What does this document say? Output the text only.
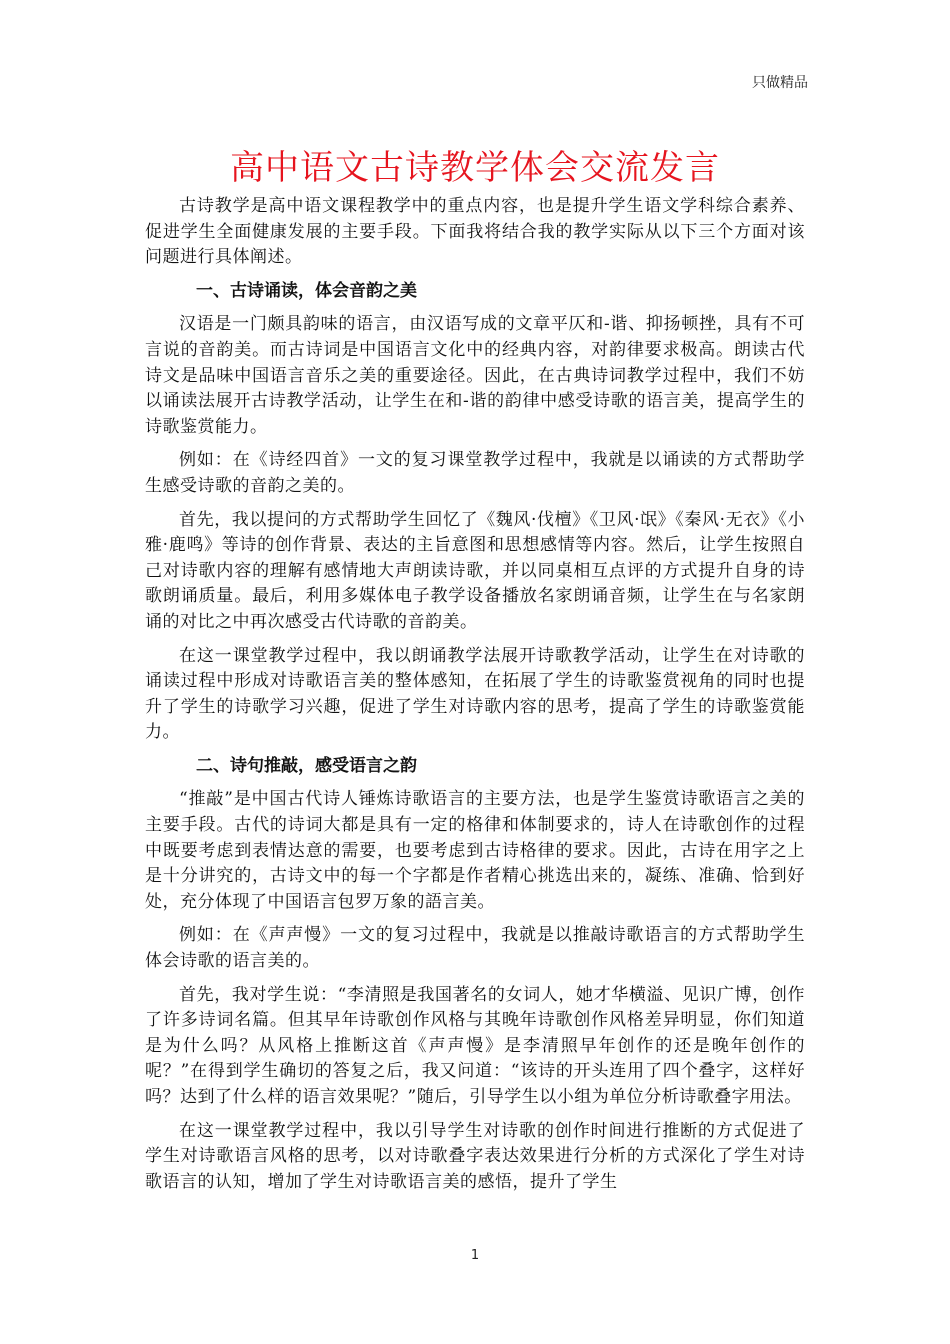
只做精品
高中语文古诗教学体会交流发言

古诗教学是高中语文课程教学中的重点内容，也是提升学生语文学科综合素养、促进学生全面健康发展的主要手段。下面我将结合我的教学实际从以下三个方面对该问题进行具体阐述。

一、古诗诵读，体会音韵之美

汉语是一门颇具韵味的语言，由汉语写成的文章平仄和-谐、抑扬顿挫，具有不可言说的音韵美。而古诗词是中国语言文化中的经典内容，对韵律要求极高。朗读古代诗文是品味中国语言音乐之美的重要途径。因此，在古典诗词教学过程中，我们不妨以诵读法展开古诗教学活动，让学生在和-谐的韵律中感受诗歌的语言美，提高学生的诗歌鉴赏能力。

例如：在《诗经四首》一文的复习课堂教学过程中，我就是以诵读的方式帮助学生感受诗歌的音韵之美的。

首先，我以提问的方式帮助学生回忆了《魏风·伐檀》《卫风·氓》《秦风·无衣》《小雅·鹿鸣》等诗的创作背景、表达的主旨意图和思想感情等内容。然后，让学生按照自己对诗歌内容的理解有感情地大声朗读诗歌，并以同桌相互点评的方式提升自身的诗歌朗诵质量。最后，利用多媒体电子教学设备播放名家朗诵音频，让学生在与名家朗诵的对比之中再次感受古代诗歌的音韵美。

在这一课堂教学过程中，我以朗诵教学法展开诗歌教学活动，让学生在对诗歌的诵读过程中形成对诗歌语言美的整体感知，在拓展了学生的诗歌鉴赏视角的同时也提升了学生的诗歌学习兴趣，促进了学生对诗歌内容的思考，提高了学生的诗歌鉴赏能力。

二、诗句推敲，感受语言之韵

“推敲”是中国古代诗人锤炼诗歌语言的主要方法，也是学生鉴赏诗歌语言之美的主要手段。古代的诗词大都是具有一定的格律和体制要求的，诗人在诗歌创作的过程中既要考虑到表情达意的需要，也要考虑到古诗格律的要求。因此，古诗在用字之上是十分讲究的，古诗文中的每一个字都是作者精心挑选出来的，凝练、准确、恰到好处，充分体现了中国语言包罗万象的語言美。

例如：在《声声慢》一文的复习过程中，我就是以推敲诗歌语言的方式帮助学生体会诗歌的语言美的。

首先，我对学生说：“李清照是我国著名的女词人，她才华横溢、见识广博，创作了许多诗词名篇。但其早年诗歌创作风格与其晚年诗歌创作风格差异明显，你们知道是为什么吗？从风格上推断这首《声声慢》是李清照早年创作的还是晚年创作的呢？”在得到学生确切的答复之后，我又问道：“该诗的开头连用了四个叠字，这样好吗？达到了什么样的语言效果呢？”随后，引导学生以小组为单位分析诗歌叠字用法。

在这一课堂教学过程中，我以引导学生对诗歌的创作时间进行推断的方式促进了学生对诗歌语言风格的思考，以对诗歌叠字表达效果进行分析的方式深化了学生对诗歌语言的认知，增加了学生对诗歌语言美的感悟，提升了学生

1
